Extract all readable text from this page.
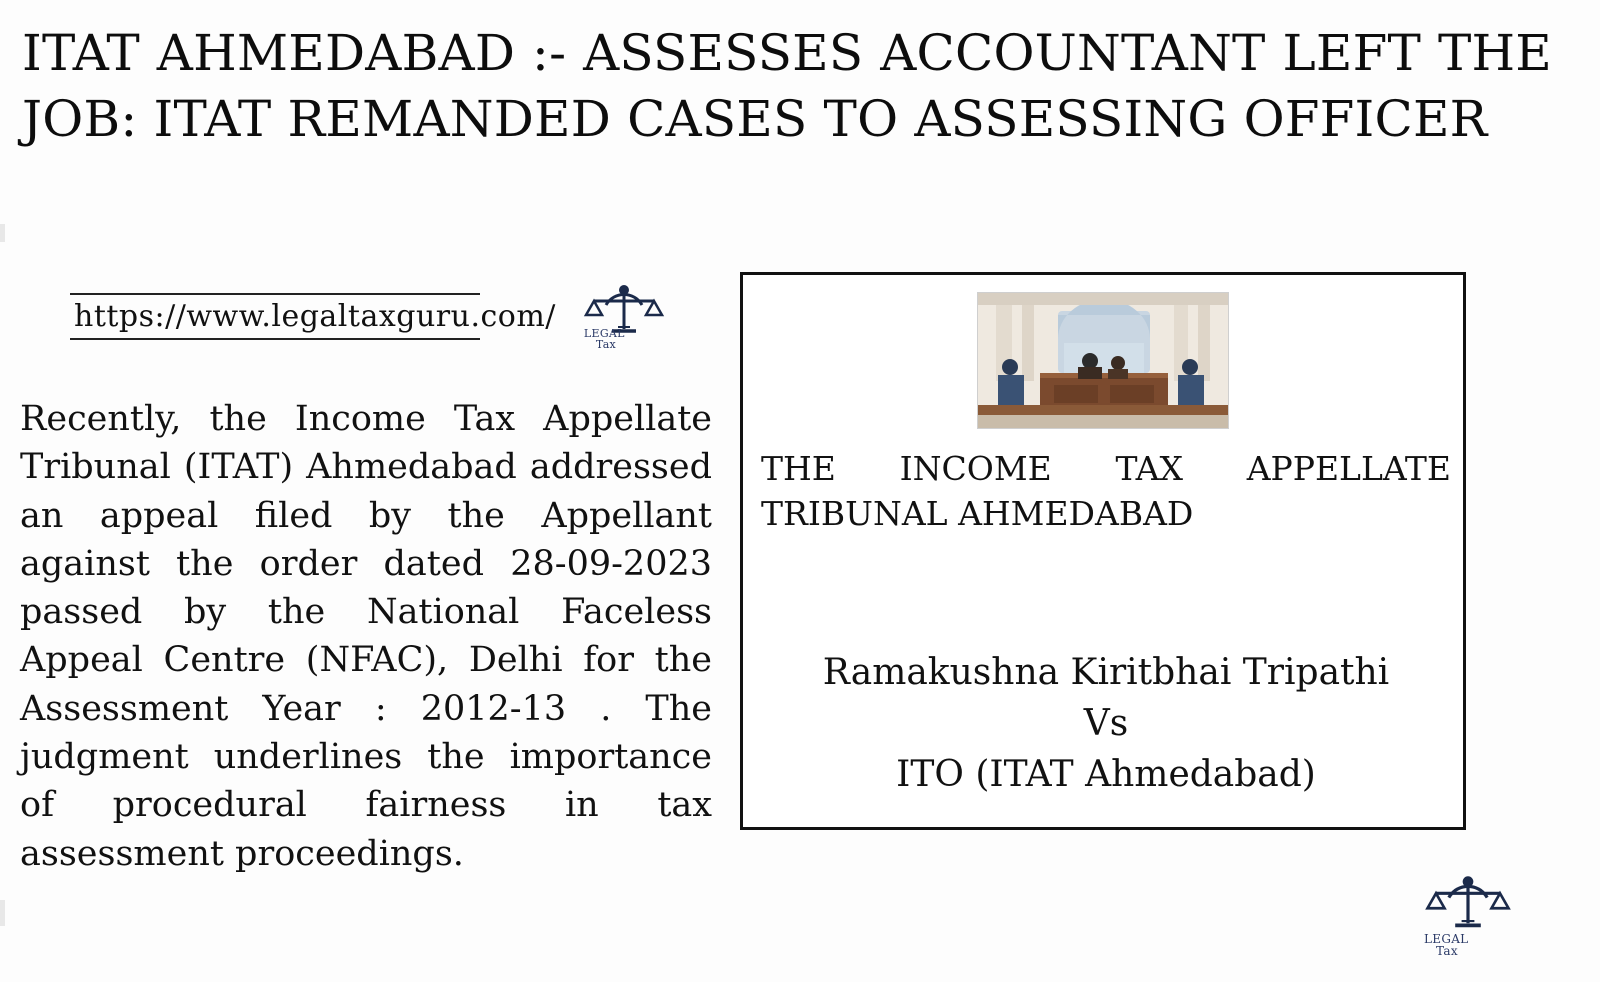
ITAT AHMEDABAD :- ASSESSES ACCOUNTANT LEFT THE JOB: ITAT REMANDED CASES TO ASSESSING OFFICER
https://www.legaltaxguru.com/	LEGAL
Tax
Recently, the Income Tax Appellate Tribunal (ITAT) Ahmedabad addressed an appeal filed by the Appellant against the order dated 28-09-2023 passed by the National Faceless Appeal Centre (NFAC), Delhi for the Assessment Year : 2012-13 . The judgment underlines the importance of procedural fairness in tax assessment proceedings.
THE INCOME TAX APPELLATE TRIBUNAL AHMEDABAD
Ramakushna Kiritbhai Tripathi
Vs
ITO (ITAT Ahmedabad)
LEGAL
Tax
